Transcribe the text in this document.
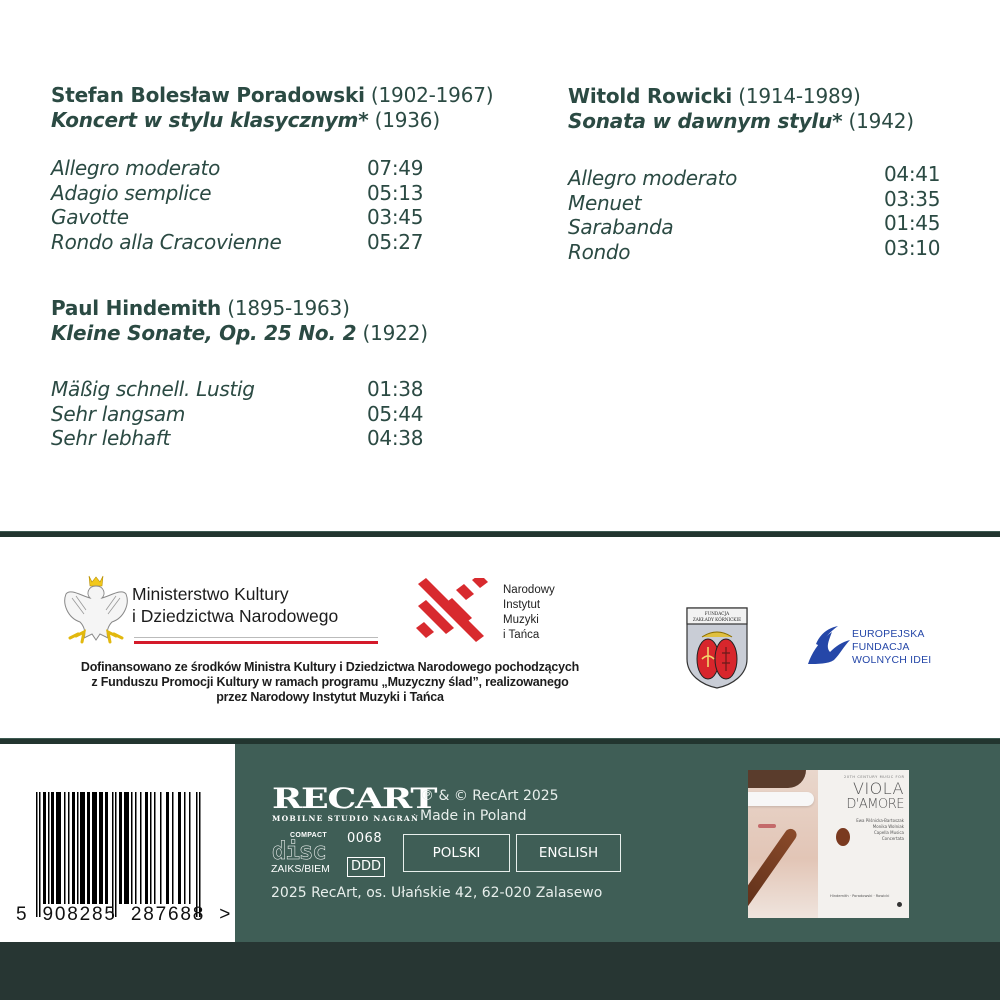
Stefan Bolesław Poradowski (1902-1967)
Koncert w stylu klasycznym* (1936)
Allegro moderato	07:49
Adagio semplice	05:13
Gavotte	03:45
Rondo alla Cracovienne	05:27
Paul Hindemith (1895-1963)
Kleine Sonate, Op. 25 No. 2 (1922)
Mäßig schnell. Lustig	01:38
Sehr langsam	05:44
Sehr lebhaft	04:38
Witold Rowicki (1914-1989)
Sonata w dawnym stylu* (1942)
Allegro moderato	04:41
Menuet	03:35
Sarabanda	01:45
Rondo	03:10
Ministerstwo Kultury
i Dziedzictwa Narodowego
Narodowy
Instytut
Muzyki
i Tańca
FUNDACJA
ZAKŁADY KÓRNICKIE
EUROPEJSKA
FUNDACJA
WOLNYCH IDEI
Dofinansowano ze środków Ministra Kultury i Dziedzictwa Narodowego pochodzących
z Funduszu Promocji Kultury w ramach programu „Muzyczny ślad”, realizowanego
przez Narodowy Instytut Muzyki i Tańca
5  908285  287688  >
RECART
MOBILNE STUDIO NAGRAŃ
℗ & © RecArt 2025
Made in Poland
COMPACT
disc
ZAIKS/BIEM
0068
DDD
POLSKI	ENGLISH
2025 RecArt, os. Ułańskie 42, 62-020 Zalasewo
20TH CENTURY MUSIC FOR
VIOLA
D'AMORE
Ewa Pilśnicka-Bartoszak
Monika Wolniak
Capella Musica Concertata
Hindemith · Poradowski · Rowicki
